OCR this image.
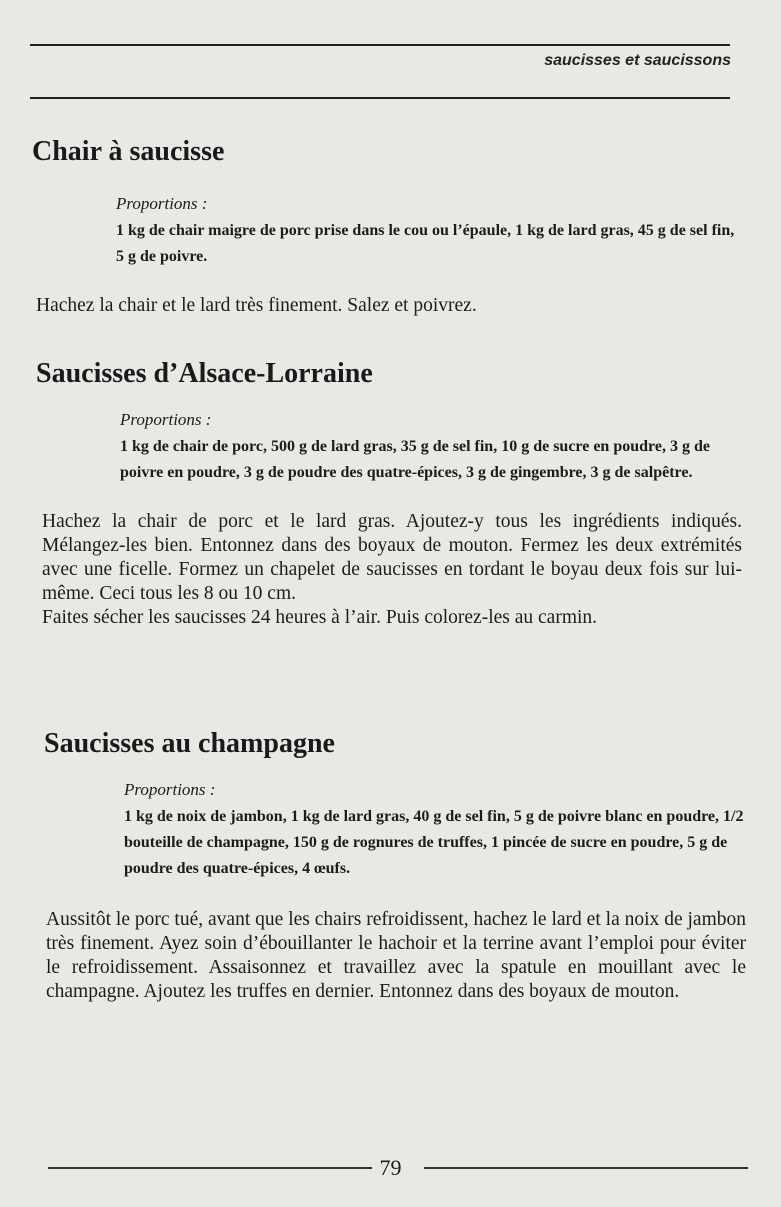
saucisses et saucissons
Chair à saucisse

Proportions :

1 kg de chair maigre de porc prise dans le cou ou l’épaule, 1 kg de lard gras, 45 g de sel fin, 5 g de poivre.

Hachez la chair et le lard très finement. Salez et poivrez.

Saucisses d’Alsace-Lorraine

Proportions :

1 kg de chair de porc, 500 g de lard gras, 35 g de sel fin, 10 g de sucre en poudre, 3 g de poivre en poudre, 3 g de poudre des quatre-épices, 3 g de gingembre, 3 g de salpêtre.

Hachez la chair de porc et le lard gras. Ajoutez-y tous les ingrédients indiqués. Mélangez-les bien. Entonnez dans des boyaux de mouton. Fermez les deux extrémités avec une ficelle. Formez un chapelet de saucisses en tordant le boyau deux fois sur lui-même. Ceci tous les 8 ou 10 cm.

Faites sécher les saucisses 24 heures à l’air. Puis colorez-les au carmin.

Saucisses au champagne

Proportions :

1 kg de noix de jambon, 1 kg de lard gras, 40 g de sel fin, 5 g de poivre blanc en poudre, 1/2 bouteille de champagne, 150 g de rognures de truffes, 1 pincée de sucre en poudre, 5 g de poudre des quatre-épices, 4 œufs.

Aussitôt le porc tué, avant que les chairs refroidissent, hachez le lard et la noix de jambon très finement. Ayez soin d’ébouillanter le hachoir et la terrine avant l’emploi pour éviter le refroidissement. Assaisonnez et travaillez avec la spatule en mouillant avec le champagne. Ajoutez les truffes en dernier. Entonnez dans des boyaux de mouton.

79
